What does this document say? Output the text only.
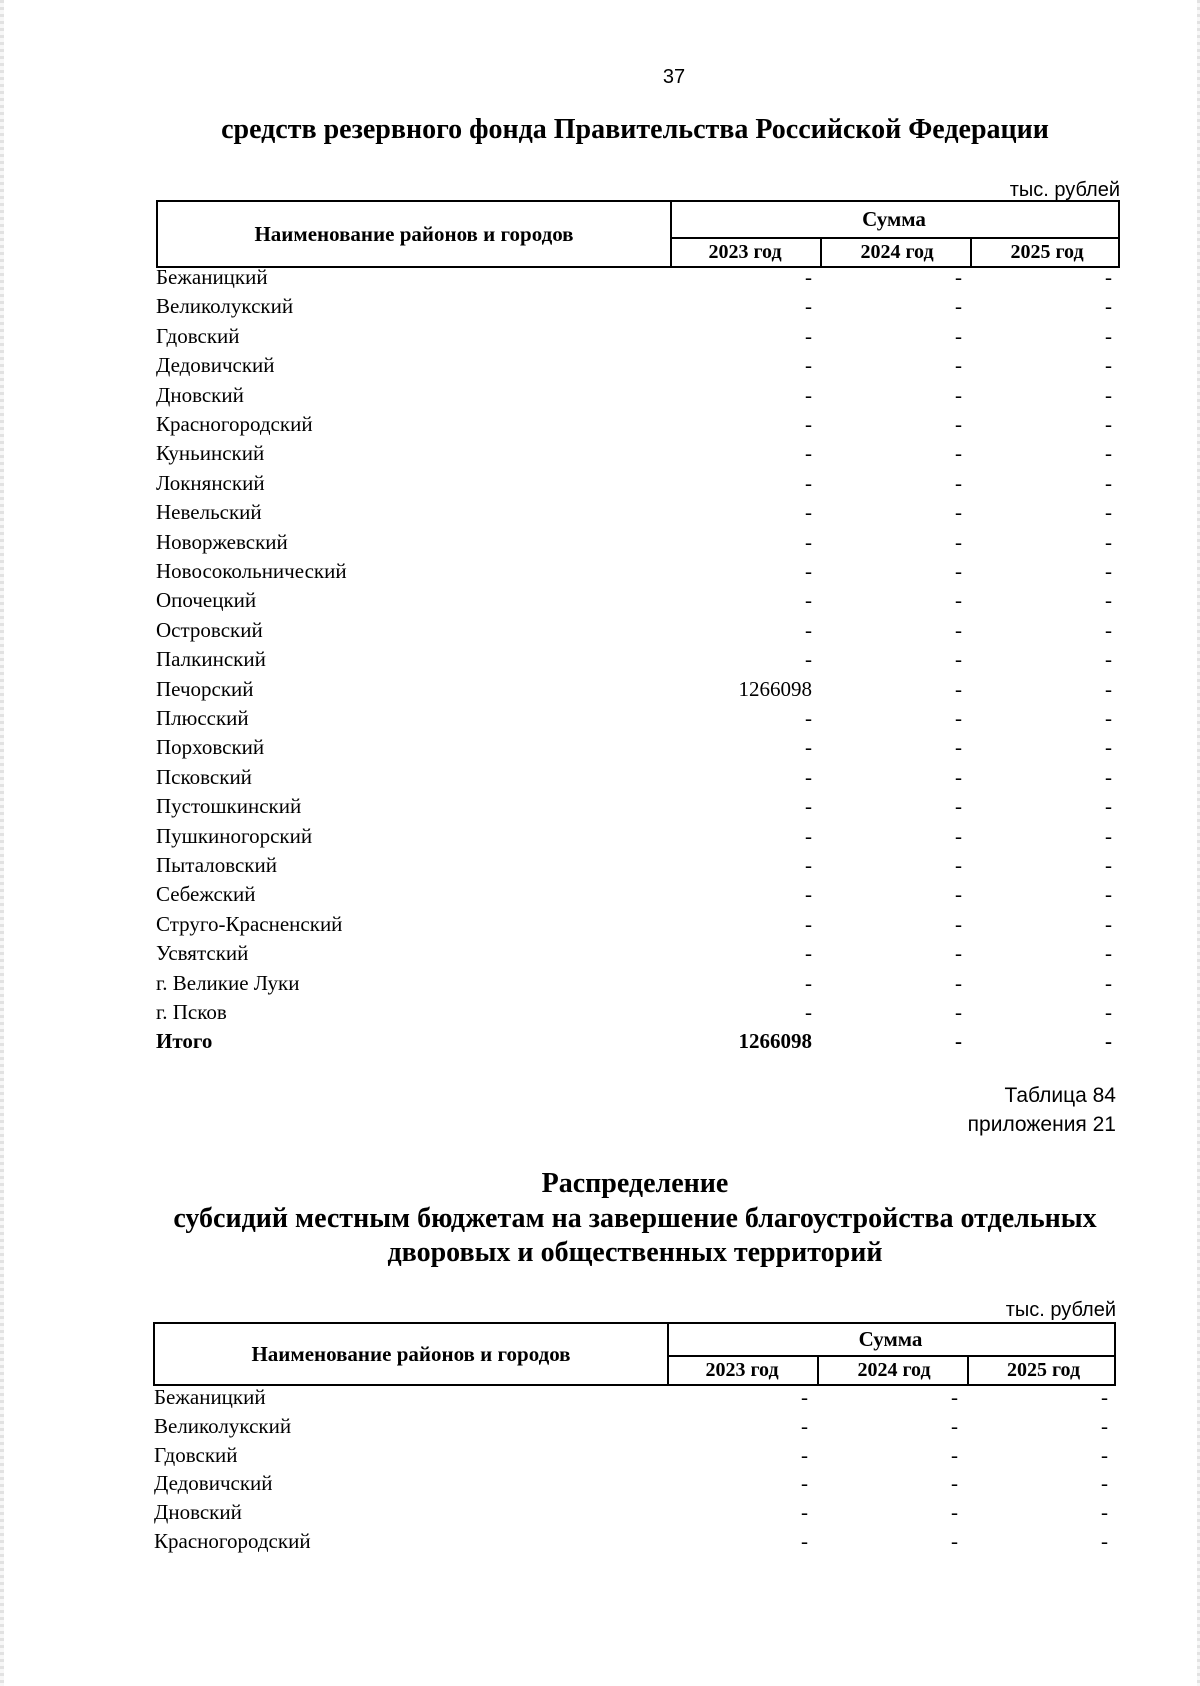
37
средств резервного фонда Правительства Российской Федерации
тыс. рублей
Наименование районов и городов
Сумма
2023 год	2024 год	2025 год
Бежаницкий	-	-	-
Великолукский	-	-	-
Гдовский	-	-	-
Дедовичский	-	-	-
Дновский	-	-	-
Красногородский	-	-	-
Куньинский	-	-	-
Локнянский	-	-	-
Невельский	-	-	-
Новоржевский	-	-	-
Новосокольнический	-	-	-
Опочецкий	-	-	-
Островский	-	-	-
Палкинский	-	-	-
Печорский	1266098	-	-
Плюсский	-	-	-
Порховский	-	-	-
Псковский	-	-	-
Пустошкинский	-	-	-
Пушкиногорский	-	-	-
Пыталовский	-	-	-
Себежский	-	-	-
Струго-Красненский	-	-	-
Усвятский	-	-	-
г. Великие Луки	-	-	-
г. Псков	-	-	-
Итого	1266098	-	-
Таблица 84
приложения 21
Распределение
субсидий местным бюджетам на завершение благоустройства отдельных
дворовых и общественных территорий
тыс. рублей
Наименование районов и городов
Сумма
2023 год	2024 год	2025 год
Бежаницкий	-	-	-
Великолукский	-	-	-
Гдовский	-	-	-
Дедовичский	-	-	-
Дновский	-	-	-
Красногородский	-	-	-
